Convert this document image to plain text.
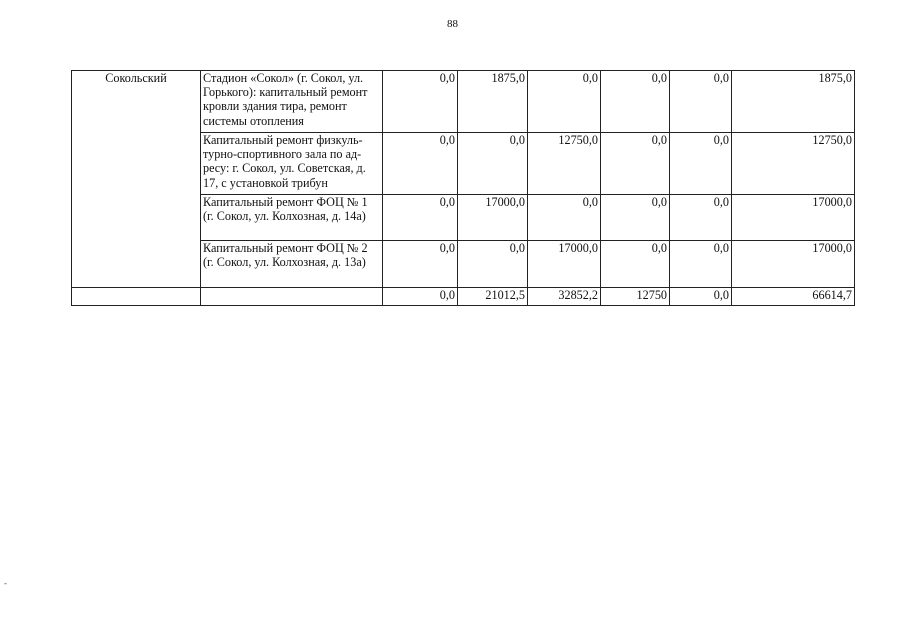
88
-
Сокольский	Стадион «Сокол» (г. Сокол, ул. Горького): капитальный ремонт кровли здания тира, ремонт системы отопления	0,0	1875,0	0,0	0,0	0,0	1875,0
	Капитальный ремонт физкуль-турно-спортивного зала по ад-ресу: г. Сокол, ул. Советская, д. 17, с установкой трибун	0,0	0,0	12750,0	0,0	0,0	12750,0
	Капитальный ремонт ФОЦ № 1 (г. Сокол, ул. Колхозная, д. 14а)	0,0	17000,0	0,0	0,0	0,0	17000,0
	Капитальный ремонт ФОЦ № 2 (г. Сокол, ул. Колхозная, д. 13а)	0,0	0,0	17000,0	0,0	0,0	17000,0
		0,0	21012,5	32852,2	12750	0,0	66614,7
